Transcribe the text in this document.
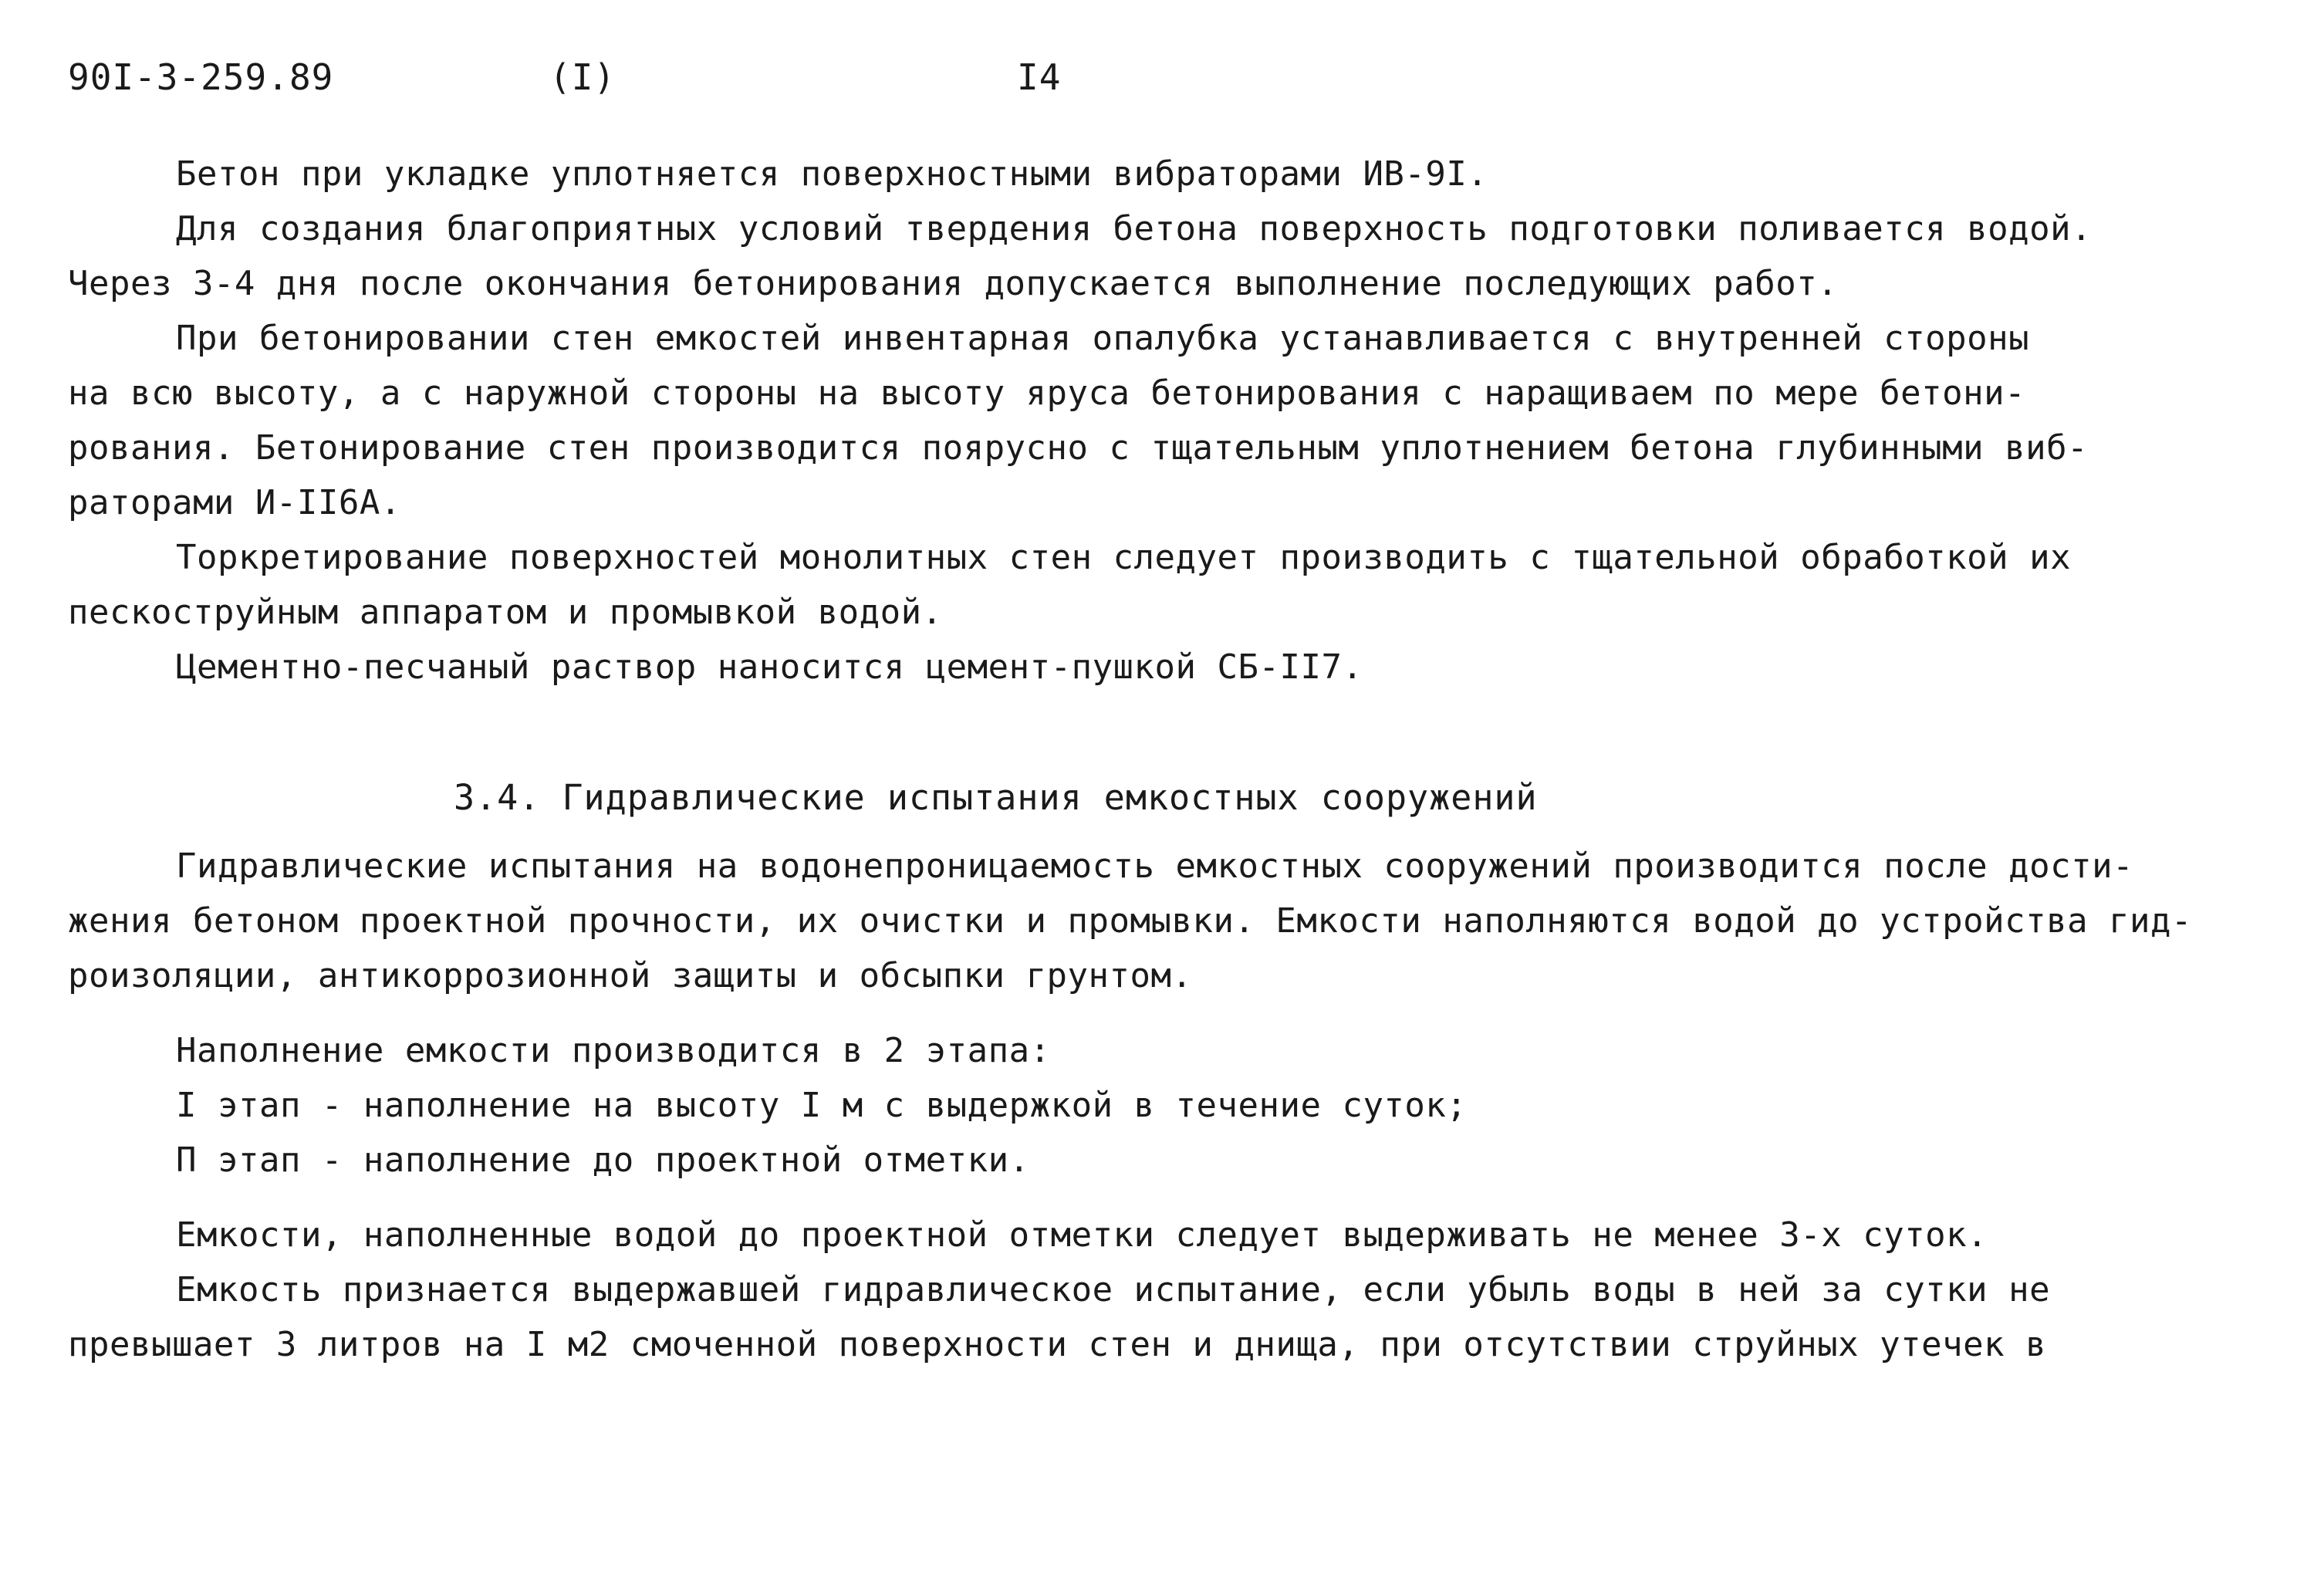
90I-3-259.89	(I)	I4
Бетон при укладке уплотняется поверхностными вибраторами ИВ-9I.
Для создания благоприятных условий твердения бетона поверхность подготовки поливается водой.
Через 3-4 дня после окончания бетонирования допускается выполнение последующих работ.
При бетонировании стен емкостей инвентарная опалубка устанавливается с внутренней стороны
на всю высоту, а с наружной стороны на высоту яруса бетонирования с наращиваем по мере бетони-
рования. Бетонирование стен производится поярусно с тщательным уплотнением бетона глубинными виб-
раторами И-II6А.
Торкретирование поверхностей монолитных стен следует производить с тщательной обработкой их
пескоструйным аппаратом и промывкой водой.
Цементно-песчаный раствор наносится цемент-пушкой СБ-II7.
3.4. Гидравлические испытания емкостных сооружений
Гидравлические испытания на водонепроницаемость емкостных сооружений производится после дости-
жения бетоном проектной прочности, их очистки и промывки. Емкости наполняются водой до устройства гид-
роизоляции, антикоррозионной защиты и обсыпки грунтом.
Наполнение емкости производится в 2 этапа:
I этап - наполнение на высоту I м с выдержкой в течение суток;
П этап - наполнение до проектной отметки.
Емкости, наполненные водой до проектной отметки следует выдерживать не менее 3-х суток.
Емкость признается выдержавшей гидравлическое испытание, если убыль воды в ней за сутки не
превышает 3 литров на I м2 смоченной поверхности стен и днища, при отсутствии струйных утечек в
